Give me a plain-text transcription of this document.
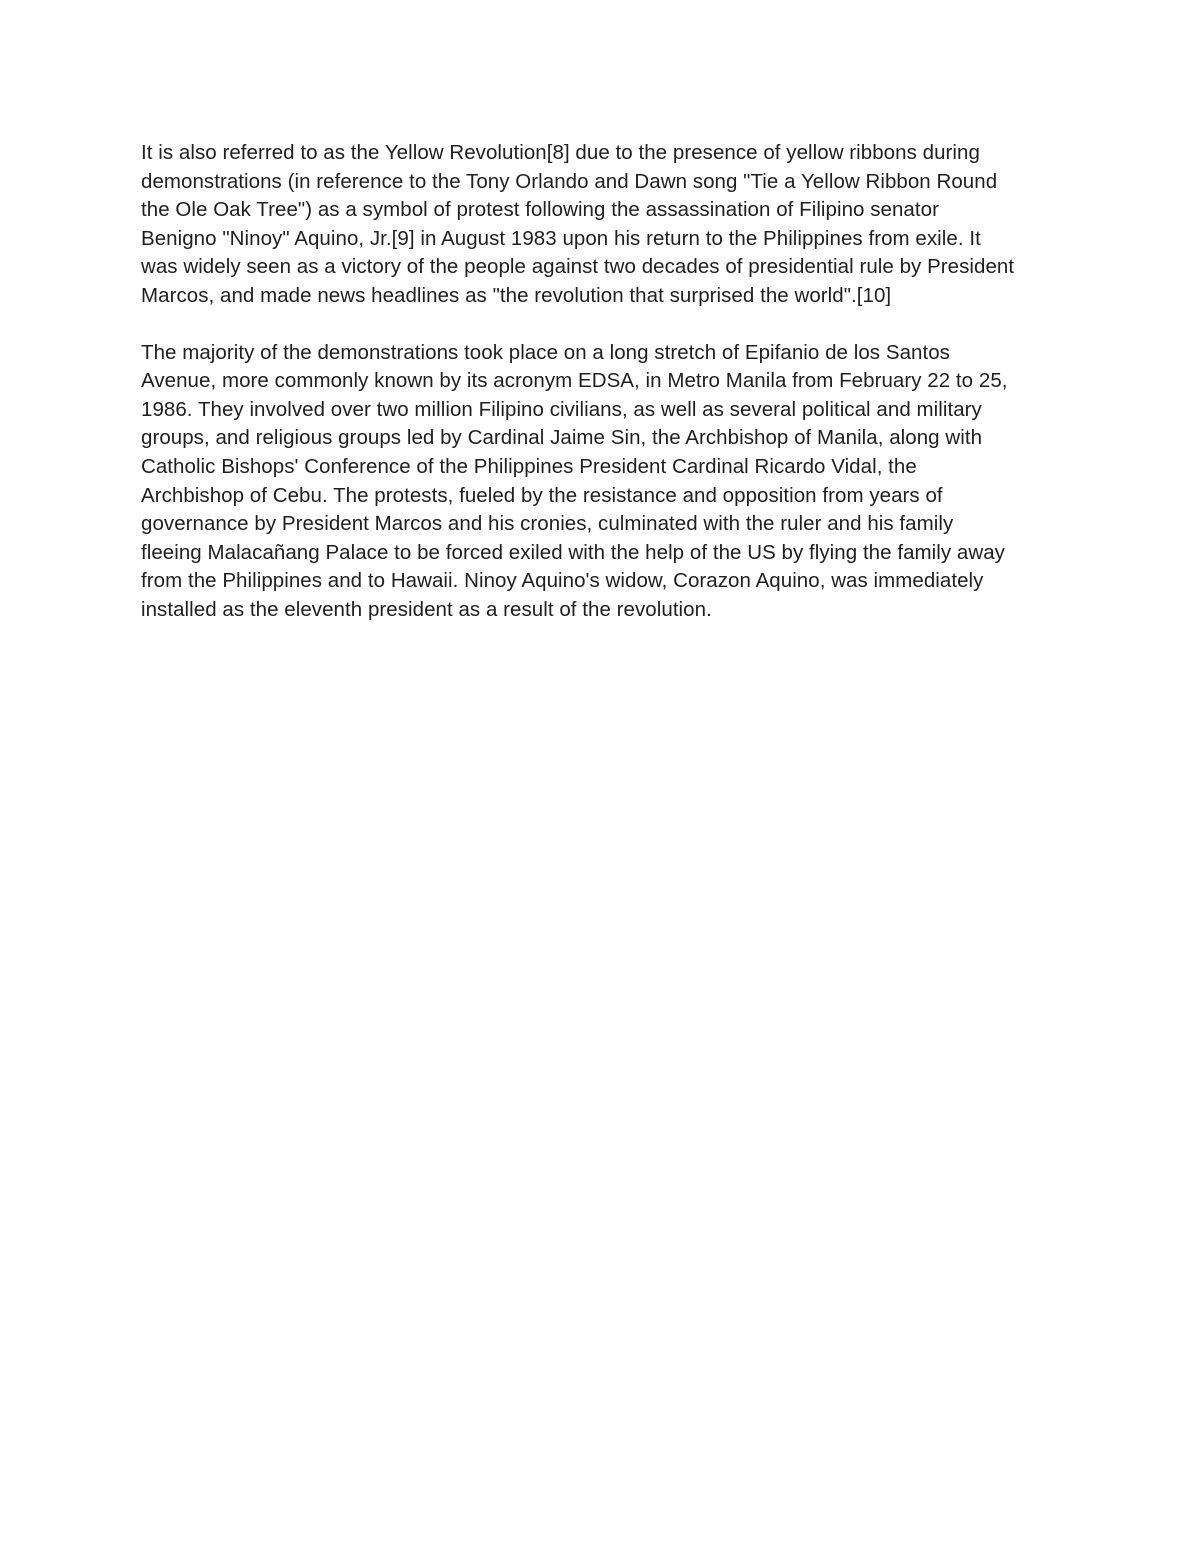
It is also referred to as the Yellow Revolution[8] due to the presence of yellow ribbons during
demonstrations (in reference to the Tony Orlando and Dawn song "Tie a Yellow Ribbon Round
the Ole Oak Tree") as a symbol of protest following the assassination of Filipino senator
Benigno "Ninoy" Aquino, Jr.[9] in August 1983 upon his return to the Philippines from exile. It
was widely seen as a victory of the people against two decades of presidential rule by President
Marcos, and made news headlines as "the revolution that surprised the world".[10]
The majority of the demonstrations took place on a long stretch of Epifanio de los Santos
Avenue, more commonly known by its acronym EDSA, in Metro Manila from February 22 to 25,
1986. They involved over two million Filipino civilians, as well as several political and military
groups, and religious groups led by Cardinal Jaime Sin, the Archbishop of Manila, along with
Catholic Bishops' Conference of the Philippines President Cardinal Ricardo Vidal, the
Archbishop of Cebu. The protests, fueled by the resistance and opposition from years of
governance by President Marcos and his cronies, culminated with the ruler and his family
fleeing Malacañang Palace to be forced exiled with the help of the US by flying the family away
from the Philippines and to Hawaii. Ninoy Aquino's widow, Corazon Aquino, was immediately
installed as the eleventh president as a result of the revolution.
